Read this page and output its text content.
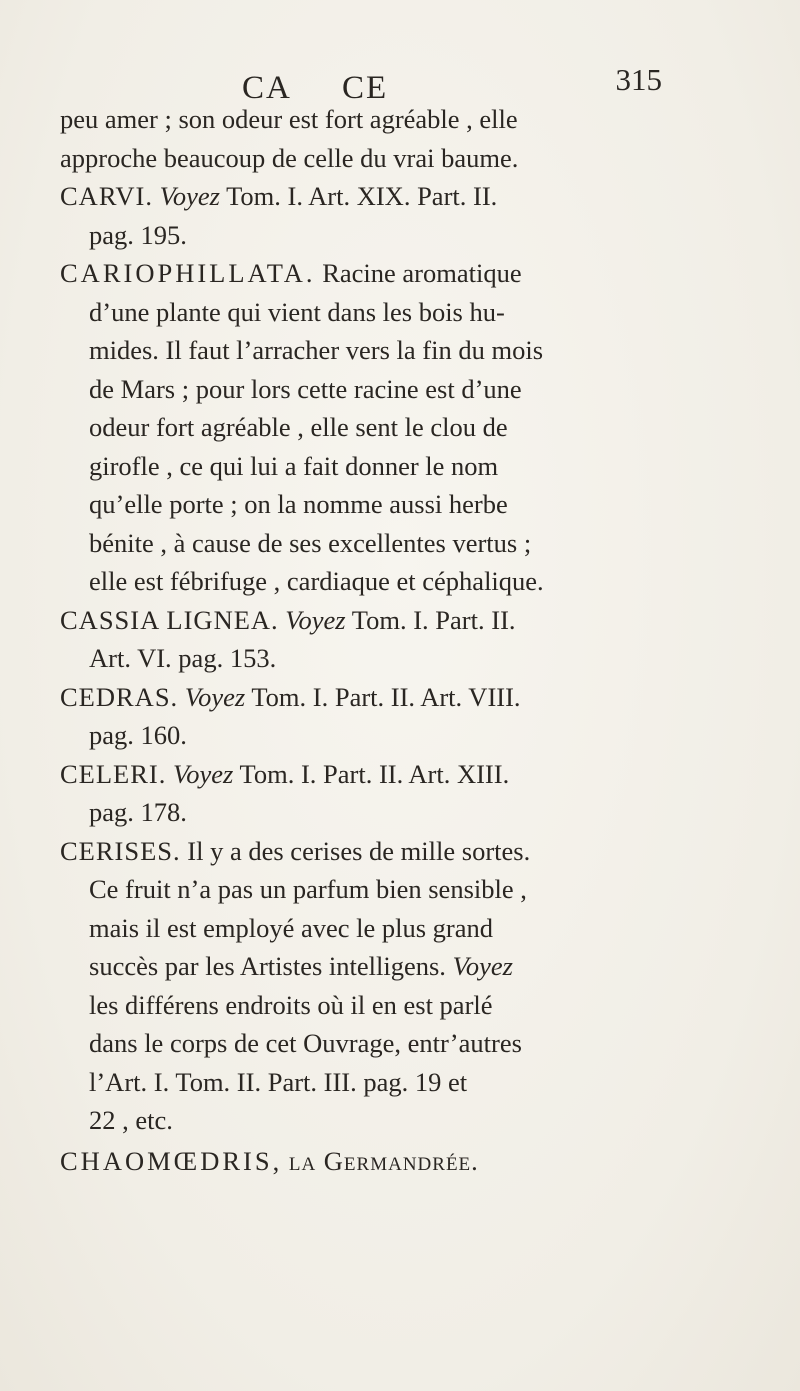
CA CE	315
peu amer ; son odeur est fort agréable , elle
approche beaucoup de celle du vrai baume.
CARVI. Voyez Tom. I. Art. XIX. Part. II.
pag. 195.
CARIOPHILLATA. Racine aromatique
d’une plante qui vient dans les bois hu-
mides. Il faut l’arracher vers la fin du mois
de Mars ; pour lors cette racine est d’une
odeur fort agréable , elle sent le clou de
girofle , ce qui lui a fait donner le nom
qu’elle porte ; on la nomme aussi herbe
bénite , à cause de ses excellentes vertus ;
elle est fébrifuge , cardiaque et céphalique.
CASSIA LIGNEA. Voyez Tom. I. Part. II.
Art. VI. pag. 153.
CEDRAS. Voyez Tom. I. Part. II. Art. VIII.
pag. 160.
CELERI. Voyez Tom. I. Part. II. Art. XIII.
pag. 178.
CERISES. Il y a des cerises de mille sortes.
Ce fruit n’a pas un parfum bien sensible ,
mais il est employé avec le plus grand
succès par les Artistes intelligens. Voyez
les différens endroits où il en est parlé
dans le corps de cet Ouvrage, entr’autres
l’Art. I. Tom. II. Part. III. pag. 19 et
22 , etc.
CHAOMŒDRIS, la Germandrée.
